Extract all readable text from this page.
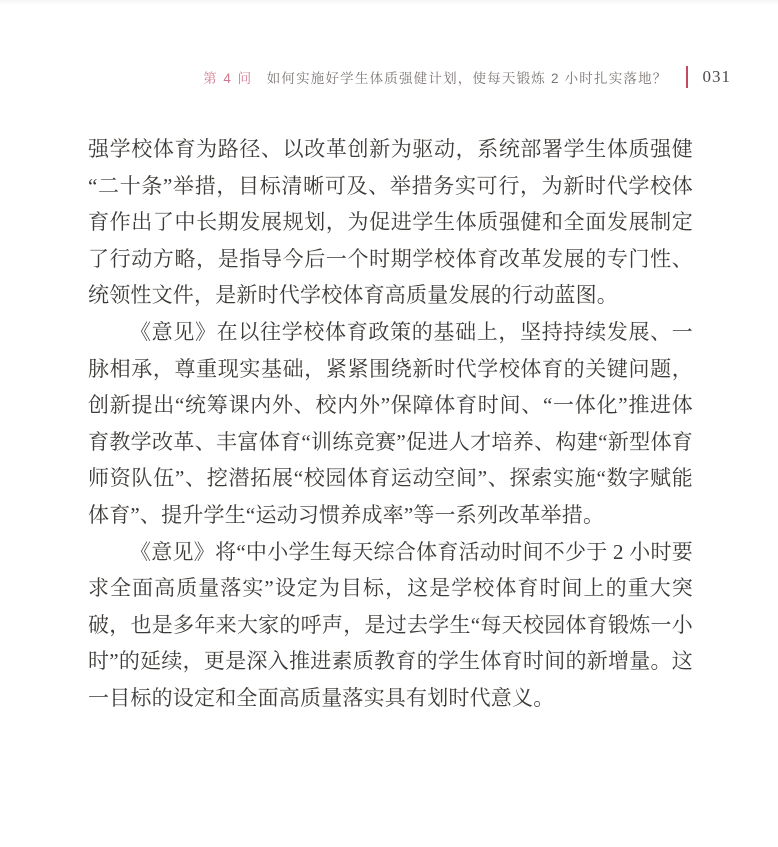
第 4 问 如何实施好学生体质强健计划，使每天锻炼 2 小时扎实落地？ 031

强学校体育为路径、以改革创新为驱动，系统部署学生体质强健“二十条”举措，目标清晰可及、举措务实可行，为新时代学校体育作出了中长期发展规划，为促进学生体质强健和全面发展制定了行动方略，是指导今后一个时期学校体育改革发展的专门性、统领性文件，是新时代学校体育高质量发展的行动蓝图。

《意见》在以往学校体育政策的基础上，坚持持续发展、一脉相承，尊重现实基础，紧紧围绕新时代学校体育的关键问题，创新提出“统筹课内外、校内外”保障体育时间、“一体化”推进体育教学改革、丰富体育“训练竞赛”促进人才培养、构建“新型体育师资队伍”、挖潜拓展“校园体育运动空间”、探索实施“数字赋能体育”、提升学生“运动习惯养成率”等一系列改革举措。

《意见》将“中小学生每天综合体育活动时间不少于 2 小时要求全面高质量落实”设定为目标，这是学校体育时间上的重大突破，也是多年来大家的呼声，是过去学生“每天校园体育锻炼一小时”的延续，更是深入推进素质教育的学生体育时间的新增量。这一目标的设定和全面高质量落实具有划时代意义。
